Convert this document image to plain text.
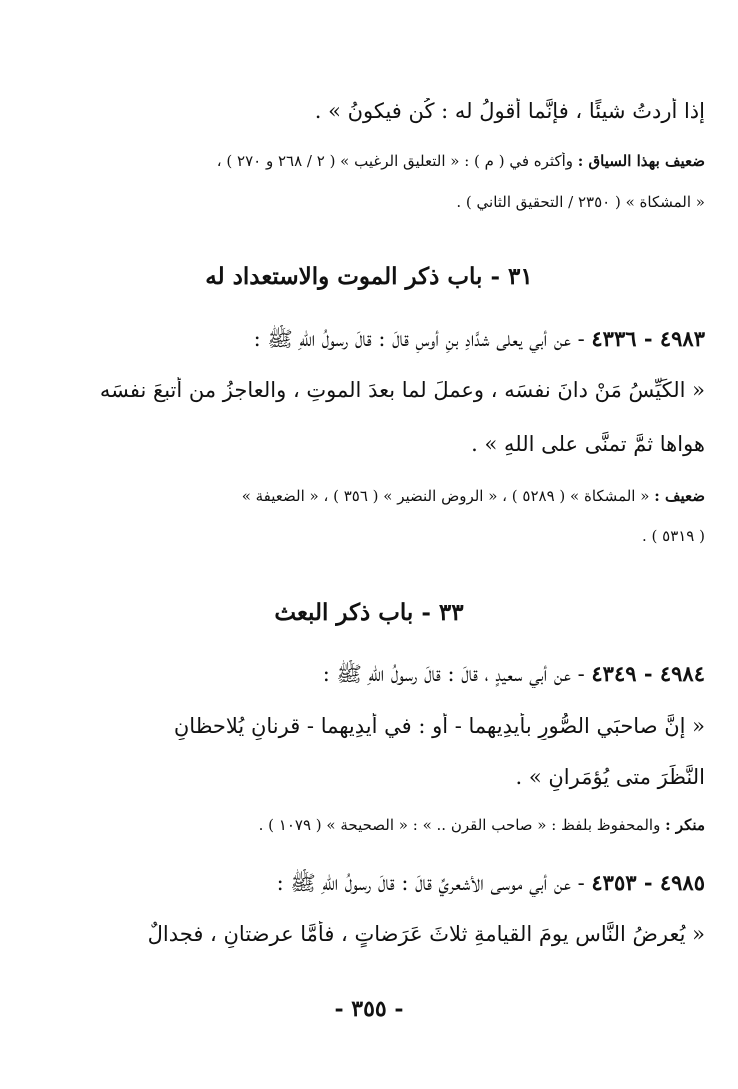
إذا أردتُ شيئًا ، فإنَّما أقولُ له : كُن فيكونُ » .
ضعيف بهذا السياق : وأكثره في ( م ) : « التعليق الرغيب » ( ٢ / ٢٦٨ و ٢٧٠ ) ،
« المشكاة » ( ٢٣٥٠ / التحقيق الثاني ) .
٣١ - باب ذكر الموت والاستعداد له
٤٩٨٣ - ٤٣٣٦ - عن أبي يعلى شدَّادِ بنِ أوسٍ قالَ : قالَ رسولُ اللهِ ﷺ :
« الكَيِّسُ مَنْ دانَ نفسَه ، وعملَ لما بعدَ الموتِ ، والعاجزُ من أتبعَ نفسَه
هواها ثمَّ تمنَّى على اللهِ » .
ضعيف : « المشكاة » ( ٥٢٨٩ ) ، « الروض النضير » ( ٣٥٦ ) ، « الضعيفة »
( ٥٣١٩ ) .
٣٣ - باب ذكر البعث
٤٩٨٤ - ٤٣٤٩ - عن أبي سعيدٍ ، قالَ : قالَ رسولُ اللهِ ﷺ :
« إنَّ صاحبَي الصُّورِ بأيدِيهما - أو : في أيدِيهما - قرنانِ يُلاحظانِ
النَّظَرَ متى يُؤمَرانِ » .
منكر : والمحفوظ بلفظ : « صاحب القرن .. » : « الصحيحة » ( ١٠٧٩ ) .
٤٩٨٥ - ٤٣٥٣ - عن أبي موسى الأشعريِّ قالَ : قالَ رسولُ اللهِ ﷺ :
« يُعرضُ النَّاس يومَ القيامةِ ثلاثَ عَرَضاتٍ ، فأمَّا عرضتانِ ، فجدالٌ
- ٣٥٥ -
